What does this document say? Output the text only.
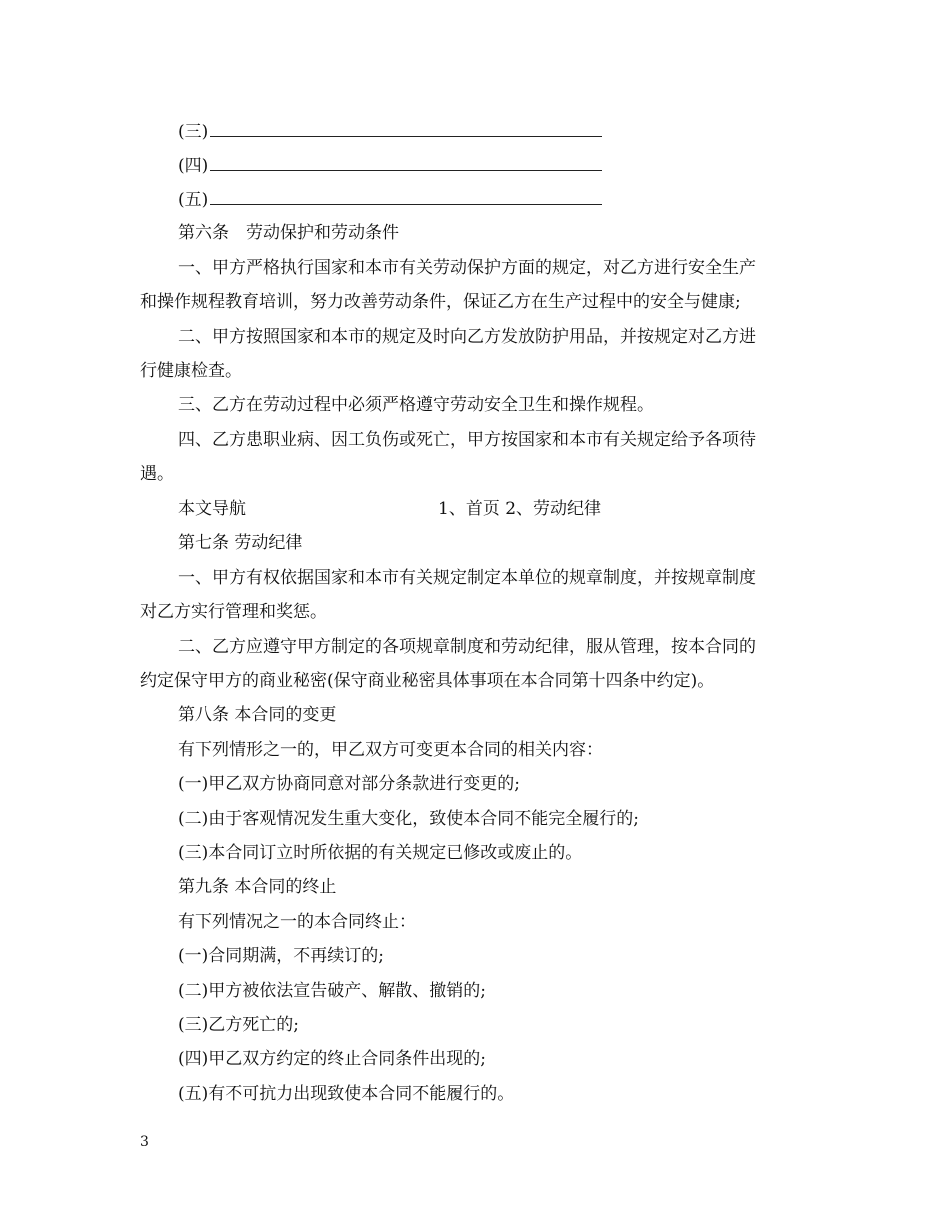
(三)
(四)
(五)
第六条　劳动保护和劳动条件
一、甲方严格执行国家和本市有关劳动保护方面的规定，对乙方进行安全生产
和操作规程教育培训，努力改善劳动条件，保证乙方在生产过程中的安全与健康;
二、甲方按照国家和本市的规定及时向乙方发放防护用品，并按规定对乙方进
行健康检查。
三、乙方在劳动过程中必须严格遵守劳动安全卫生和操作规程。
四、乙方患职业病、因工负伤或死亡，甲方按国家和本市有关规定给予各项待
遇。
本文导航	1、首页 2、劳动纪律
第七条 劳动纪律
一、甲方有权依据国家和本市有关规定制定本单位的规章制度，并按规章制度
对乙方实行管理和奖惩。
二、乙方应遵守甲方制定的各项规章制度和劳动纪律，服从管理，按本合同的
约定保守甲方的商业秘密(保守商业秘密具体事项在本合同第十四条中约定)。
第八条 本合同的变更
有下列情形之一的，甲乙双方可变更本合同的相关内容：
(一)甲乙双方协商同意对部分条款进行变更的;
(二)由于客观情况发生重大变化，致使本合同不能完全履行的;
(三)本合同订立时所依据的有关规定已修改或废止的。
第九条 本合同的终止
有下列情况之一的本合同终止：
(一)合同期满，不再续订的;
(二)甲方被依法宣告破产、解散、撤销的;
(三)乙方死亡的;
(四)甲乙双方约定的终止合同条件出现的;
(五)有不可抗力出现致使本合同不能履行的。
3
